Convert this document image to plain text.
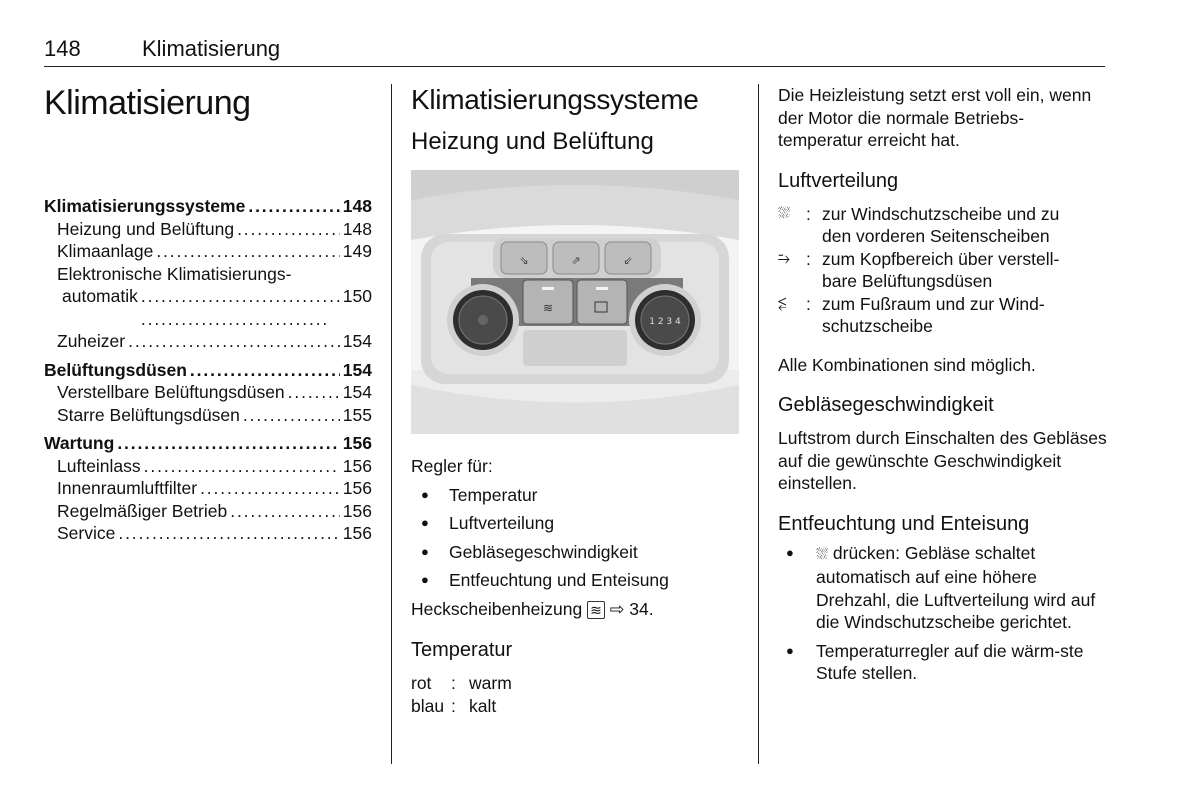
148	Klimatisierung
Klimatisierung
Klimatisierungssysteme . . .	148
Heizung und Belüftung . . .	148
Klimaanlage . . .	149
Elektronische Klimatisierungs-
automatik . . .	150
Zuheizer . . .	154
Belüftungsdüsen . . .	154
Verstellbare Belüftungsdüsen . . .	154
Starre Belüftungsdüsen . . .	155
Wartung . . .	156
Lufteinlass . . .	156
Innenraumluftfilter . . .	156
Regelmäßiger Betrieb . . .	156
Service . . .	156
Klimatisierungssysteme
Heizung und Belüftung
⇘	⇗	⇙
≋
1 2 3 4
Regler für:
● Temperatur
● Luftverteilung
● Gebläsegeschwindigkeit
● Entfeuchtung und Enteisung
Heckscheibenheizung ≋ ⇨ 34.
Temperatur
rot	: warm
blau : kalt
Die Heizleistung setzt erst voll ein, wenn der Motor die normale Betriebs-temperatur erreicht hat.
Luftverteilung
⛆ : zur Windschutzscheibe und zu
den vorderen Seitenscheiben
⥲ : zum Kopfbereich über verstell-
bare Belüftungsdüsen
⥶	: zum Fußraum und zur Wind-
schutzscheibe
Alle Kombinationen sind möglich.
Gebläsegeschwindigkeit
Luftstrom durch Einschalten des Gebläses auf die gewünschte Geschwindigkeit einstellen.
Entfeuchtung und Enteisung
● ⛆ drücken: Gebläse schaltet automatisch auf eine höhere Drehzahl, die Luftverteilung wird auf die Windschutzscheibe gerichtet.
● Temperaturregler auf die wärm-ste Stufe stellen.
